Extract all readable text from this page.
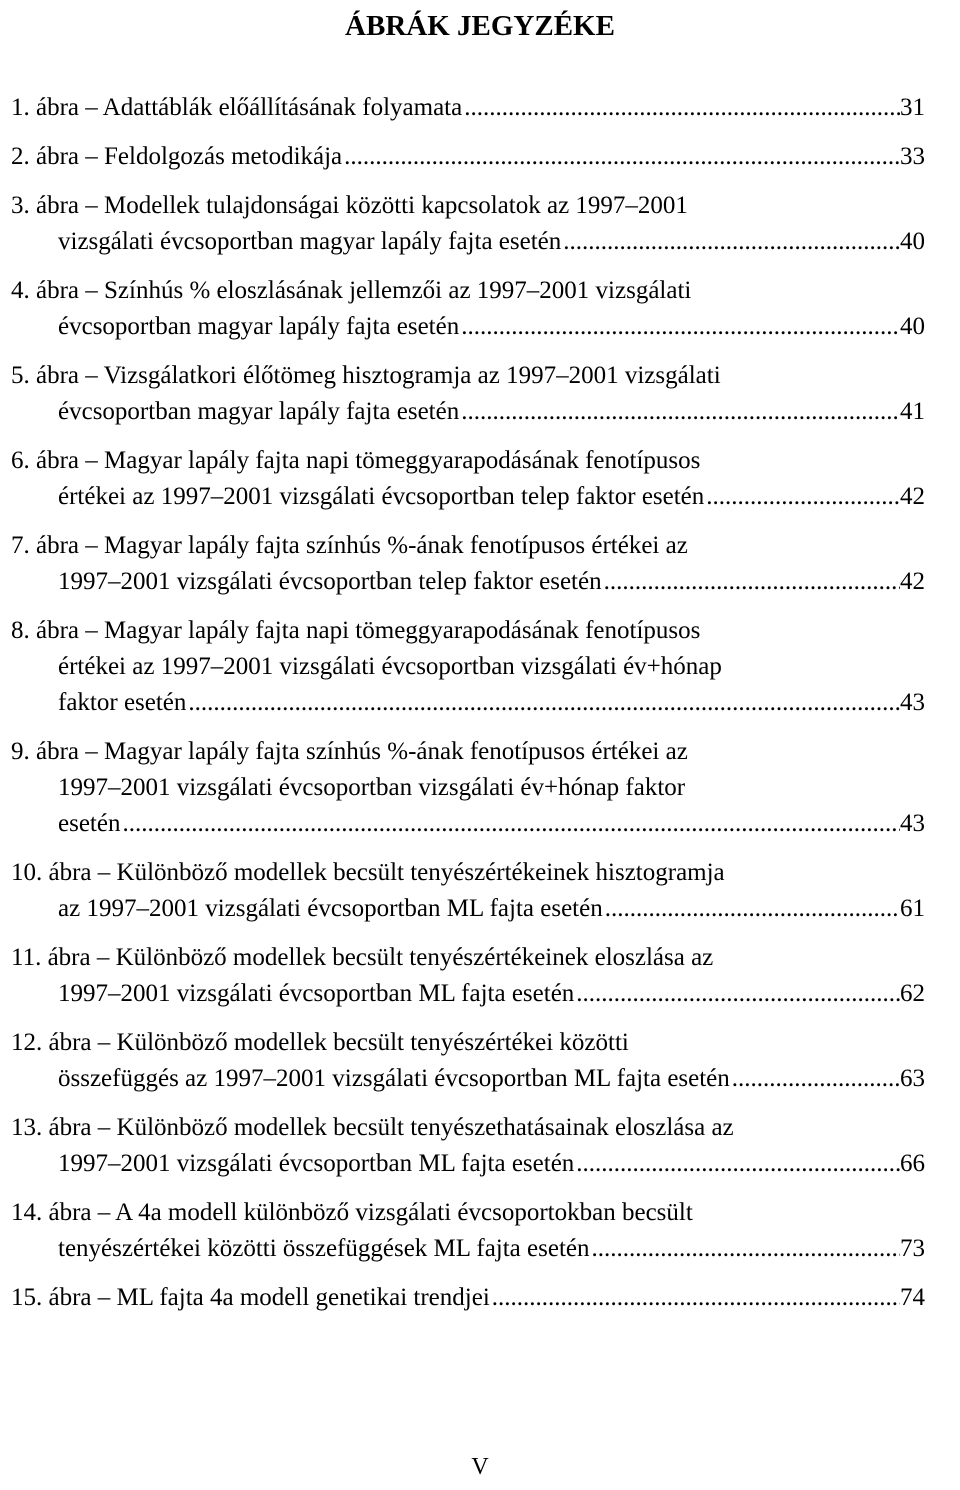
ÁBRÁK JEGYZÉKE
1. ábra – Adattáblák előállításának folyamata .....	31
2. ábra – Feldolgozás metodikája .....	33
3. ábra – Modellek tulajdonságai közötti kapcsolatok az 1997–2001
vizsgálati évcsoportban magyar lapály fajta esetén .....	40
4. ábra – Színhús % eloszlásának jellemzői az 1997–2001 vizsgálati
évcsoportban magyar lapály fajta esetén .....	40
5. ábra – Vizsgálatkori élőtömeg hisztogramja az 1997–2001 vizsgálati
évcsoportban magyar lapály fajta esetén .....	41
6. ábra – Magyar lapály fajta napi tömeggyarapodásának fenotípusos
értékei az 1997–2001 vizsgálati évcsoportban telep faktor esetén .....	42
7. ábra – Magyar lapály fajta színhús %-ának fenotípusos értékei az
1997–2001 vizsgálati évcsoportban telep faktor esetén .....	42
8. ábra – Magyar lapály fajta napi tömeggyarapodásának fenotípusos
értékei az 1997–2001 vizsgálati évcsoportban vizsgálati év+hónap
faktor esetén .....	43
9. ábra – Magyar lapály fajta színhús %-ának fenotípusos értékei az
1997–2001 vizsgálati évcsoportban vizsgálati év+hónap faktor
esetén .....	43
10. ábra – Különböző modellek becsült tenyészértékeinek hisztogramja
az 1997–2001 vizsgálati évcsoportban ML fajta esetén .....	61
11. ábra – Különböző modellek becsült tenyészértékeinek eloszlása az
1997–2001 vizsgálati évcsoportban ML fajta esetén .....	62
12. ábra – Különböző modellek becsült tenyészértékei közötti
összefüggés az 1997–2001 vizsgálati évcsoportban ML fajta esetén .....	63
13. ábra – Különböző modellek becsült tenyészethatásainak eloszlása az
1997–2001 vizsgálati évcsoportban ML fajta esetén .....	66
14. ábra – A 4a modell különböző vizsgálati évcsoportokban becsült
tenyészértékei közötti összefüggések ML fajta esetén .....	73
15. ábra – ML fajta 4a modell genetikai trendjei .....	74
V
